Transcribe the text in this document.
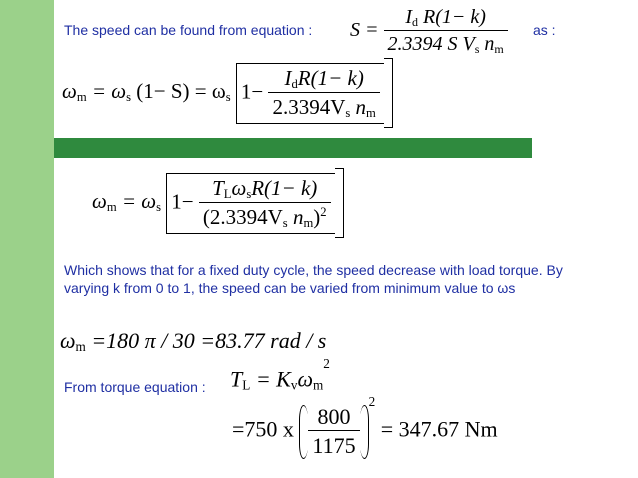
The speed can be found from equation :	as :
$S = \frac{I_d R(1- k)}{2.3394 S V_s n_m}$
$\omega_m = \omega_s$ $(1- S) = \omega_s$ $1- \frac{I_dR(1- k)}{2.3394V_s n_m}$
$\omega_m = \omega_s$ $1- \frac{T_L\omega_sR(1- k)}{(2.3394V_s n_m)^2}$
Which shows that for a fixed duty cycle, the speed decrease with load torque. By varying k from 0 to 1, the speed can be varied from minimum value to ωs
$\omega_m =180$ π / 30 =83.77 rad / s
From torque equation : $T_L = K_v\omega_m^2$
=750 x $\frac{800}{1175}$
$^2$ = 347.67 Nm
